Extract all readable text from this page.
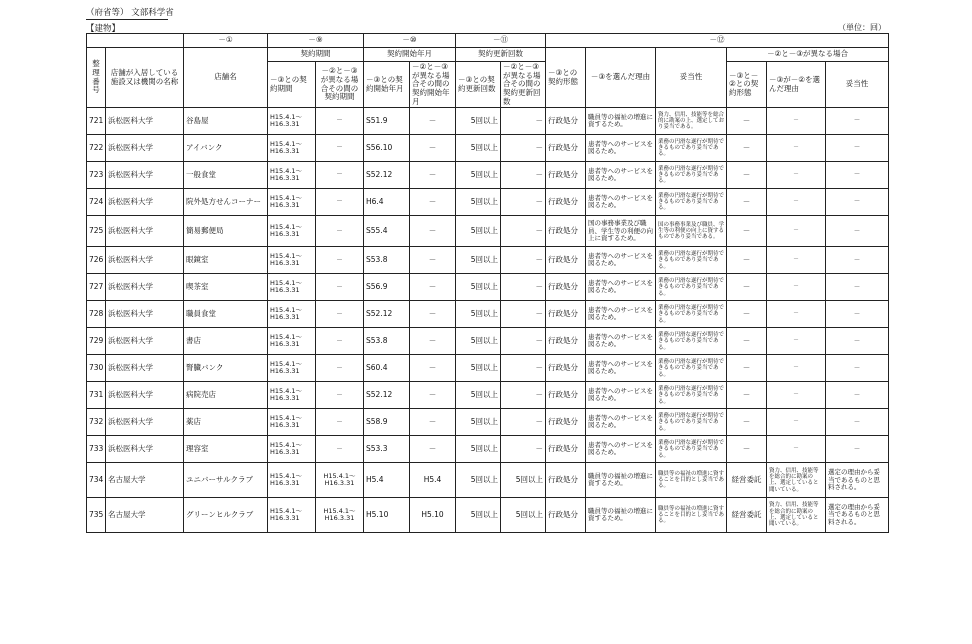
（府省等） 文部科学省
【建物】	（単位：回）
		－①	－⑨		－⑩		－⑪		－⑫					
整理番号	店舗が入居している施設又は機関の名称	店舗名	契約期間		契約開始年月		契約更新回数		－③との契約形態	－③を選んだ理由	妥当性	－②と－③が異なる場合		
			－③との契約期間	－②と－③が異なる場合その間の契約期間	－③との契約開始年月	－②と－③が異なる場合その間の契約開始年月	－③との契約更新回数	－②と－③が異なる場合その間の契約更新回数				－③と－②との契約形態	－③が－②を選んだ理由	妥当性
721	浜松医科大学	谷島屋	H15.4.1～
H16.3.31	－	S51.9	－	5回以上	－	行政処分	職員等の福祉の増進に資するため。	資力、信用、技能等を総合的に勘案の上、選定しており妥当である。	－	－	－
722	浜松医科大学	アイバンク	H15.4.1～
H16.3.31	－	S56.10	－	5回以上	－	行政処分	患者等へのサービスを図るため。	業務の円滑な遂行が期待できるものであり妥当である。	－	－	－
723	浜松医科大学	一般食堂	H15.4.1～
H16.3.31	－	S52.12	－	5回以上	－	行政処分	患者等へのサービスを図るため。	業務の円滑な遂行が期待できるものであり妥当である。	－	－	－
724	浜松医科大学	院外処方せんコーナー	H15.4.1～
H16.3.31	－	H6.4	－	5回以上	－	行政処分	患者等へのサービスを図るため。	業務の円滑な遂行が期待できるものであり妥当である。	－	－	－
725	浜松医科大学	簡易郵便局	H15.4.1～
H16.3.31	－	S55.4	－	5回以上	－	行政処分	国の事務事業及び職員、学生等の利便の向上に資するため。	国の事務事業及び職員、学生等の利便の向上に資するものであり妥当である。	－	－	－
726	浜松医科大学	眼鏡室	H15.4.1～
H16.3.31	－	S53.8	－	5回以上	－	行政処分	患者等へのサービスを図るため。	業務の円滑な遂行が期待できるものであり妥当である。	－	－	－
727	浜松医科大学	喫茶室	H15.4.1～
H16.3.31	－	S56.9	－	5回以上	－	行政処分	患者等へのサービスを図るため。	業務の円滑な遂行が期待できるものであり妥当である。	－	－	－
728	浜松医科大学	職員食堂	H15.4.1～
H16.3.31	－	S52.12	－	5回以上	－	行政処分	患者等へのサービスを図るため。	業務の円滑な遂行が期待できるものであり妥当である。	－	－	－
729	浜松医科大学	書店	H15.4.1～
H16.3.31	－	S53.8	－	5回以上	－	行政処分	患者等へのサービスを図るため。	業務の円滑な遂行が期待できるものであり妥当である。	－	－	－
730	浜松医科大学	腎臓バンク	H15.4.1～
H16.3.31	－	S60.4	－	5回以上	－	行政処分	患者等へのサービスを図るため。	業務の円滑な遂行が期待できるものであり妥当である。	－	－	－
731	浜松医科大学	病院売店	H15.4.1～
H16.3.31	－	S52.12	－	5回以上	－	行政処分	患者等へのサービスを図るため。	業務の円滑な遂行が期待できるものであり妥当である。	－	－	－
732	浜松医科大学	薬店	H15.4.1～
H16.3.31	－	S58.9	－	5回以上	－	行政処分	患者等へのサービスを図るため。	業務の円滑な遂行が期待できるものであり妥当である。	－	－	－
733	浜松医科大学	理容室	H15.4.1～
H16.3.31	－	S53.3	－	5回以上	－	行政処分	患者等へのサービスを図るため。	業務の円滑な遂行が期待できるものであり妥当である。	－	－	－
734	名古屋大学	ユニバーサルクラブ	H15.4.1～
H16.3.31	H15.4.1～
H16.3.31	H5.4	H5.4	5回以上	5回以上	行政処分	職員等の福祉の増進に資するため。	職員等の福祉の増進に資することを目的とし妥当である。	経営委託	資力、信用、技能等を総合的に勘案の上、選定していると聞いている。	選定の理由から妥当であるものと思料される。
735	名古屋大学	グリーンヒルクラブ	H15.4.1～
H16.3.31	H15.4.1～
H16.3.31	H5.10	H5.10	5回以上	5回以上	行政処分	職員等の福祉の増進に資するため。	職員等の福祉の増進に資することを目的とし妥当である。	経営委託	資力、信用、技能等を総合的に勘案の上、選定していると聞いている。	選定の理由から妥当であるものと思料される。
